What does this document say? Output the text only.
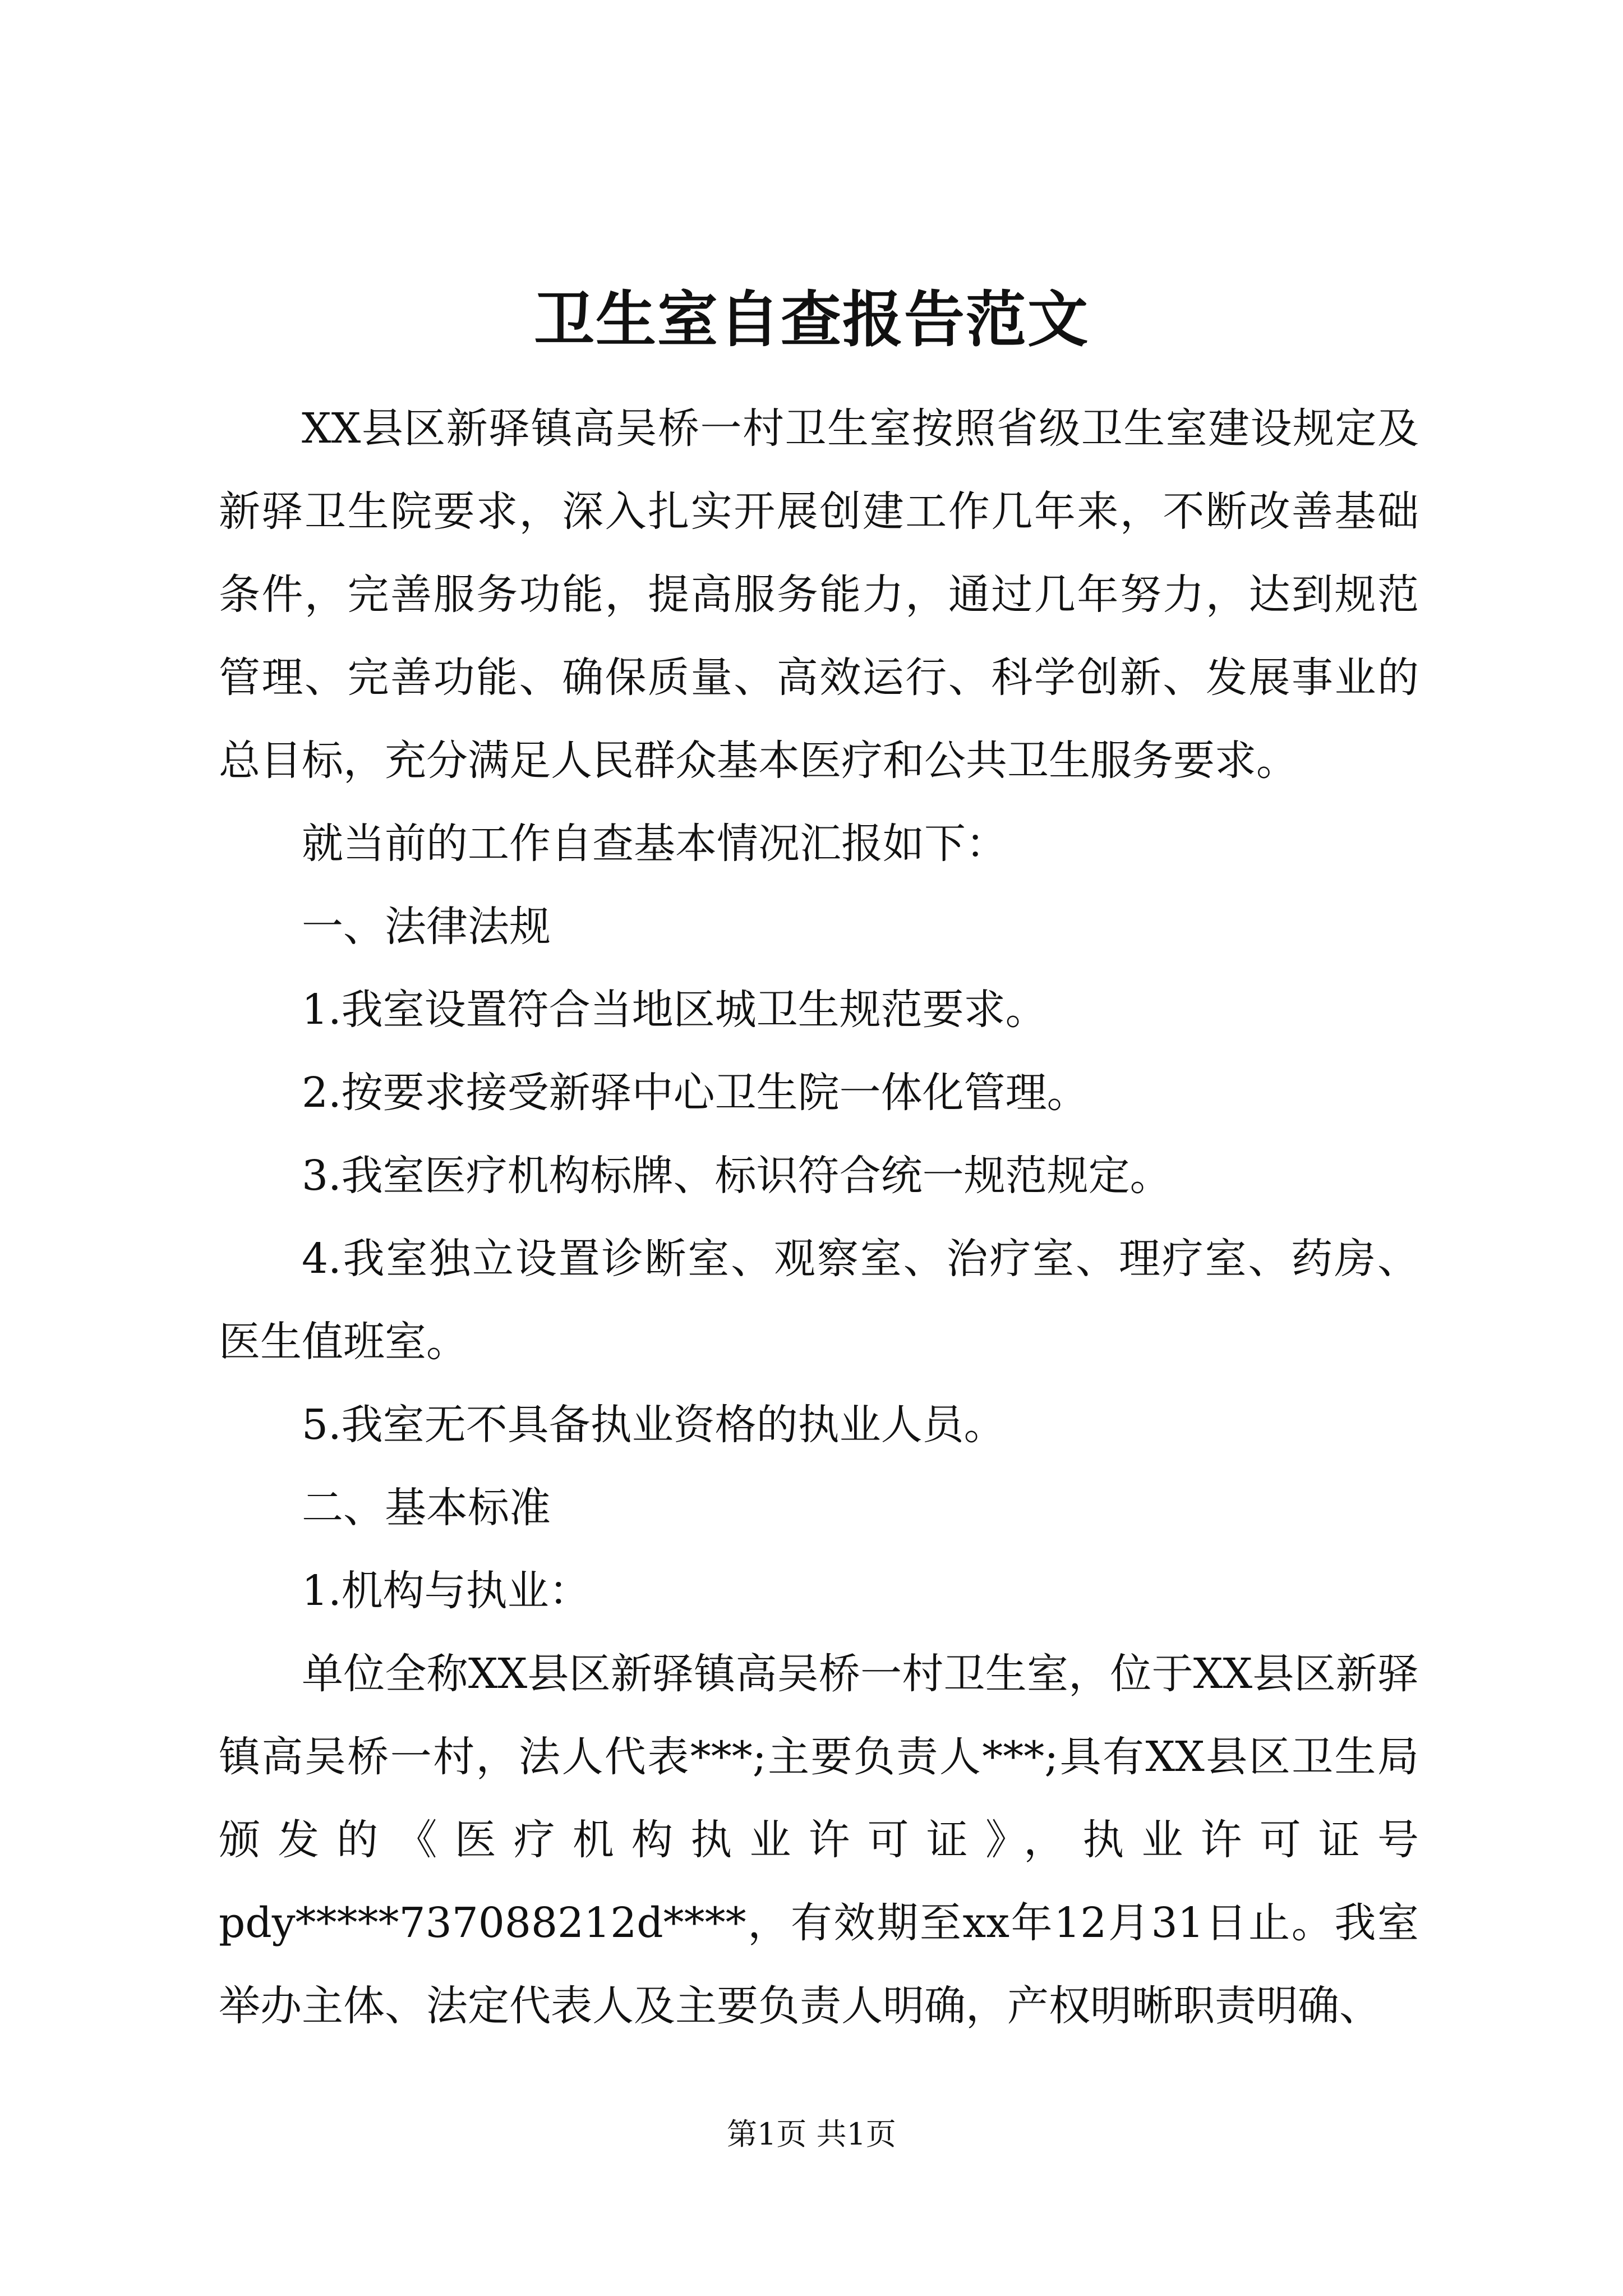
卫生室自查报告范文

XX县区新驿镇高吴桥一村卫生室按照省级卫生室建设规定及新驿卫生院要求，深入扎实开展创建工作几年来，不断改善基础条件，完善服务功能，提高服务能力，通过几年努力，达到规范管理、完善功能、确保质量、高效运行、科学创新、发展事业的总目标，充分满足人民群众基本医疗和公共卫生服务要求。

就当前的工作自查基本情况汇报如下：

一、法律法规

1.我室设置符合当地区城卫生规范要求。

2.按要求接受新驿中心卫生院一体化管理。

3.我室医疗机构标牌、标识符合统一规范规定。

4.我室独立设置诊断室、观察室、治疗室、理疗室、药房、医生值班室。

5.我室无不具备执业资格的执业人员。

二、基本标准

1.机构与执业：

单位全称XX县区新驿镇高吴桥一村卫生室，位于XX县区新驿镇高吴桥一村，法人代表***;主要负责人***;具有XX县区卫生局颁发的《医疗机构执业许可证》，执业许可证号pdy*****737088212d****，有效期至xx年12月31日止。我室举办主体、法定代表人及主要负责人明确，产权明晰职责明确、

第1页 共1页
